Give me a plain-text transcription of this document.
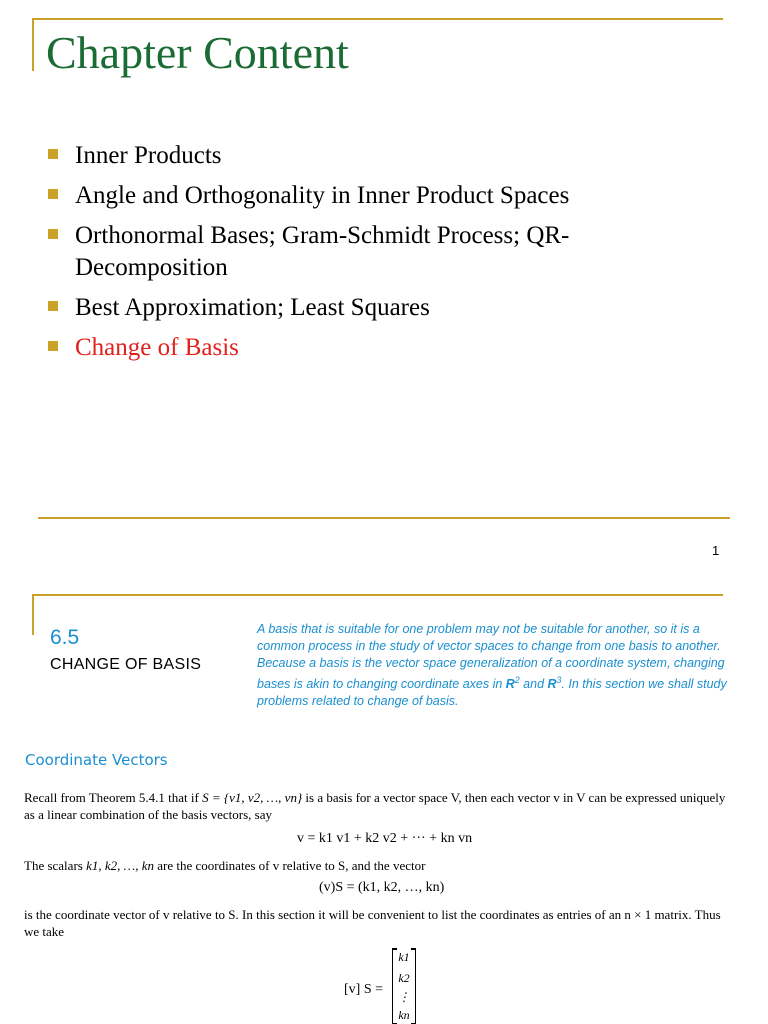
Chapter Content
Inner Products
Angle and Orthogonality in Inner Product Spaces
Orthonormal Bases; Gram-Schmidt Process; QR-Decomposition
Best Approximation; Least Squares
Change of Basis
1
6.5
CHANGE OF BASIS
A basis that is suitable for one problem may not be suitable for another, so it is a common process in the study of vector spaces to change from one basis to another. Because a basis is the vector space generalization of a coordinate system, changing bases is akin to changing coordinate axes in $R^2$ and $R^3$. In this section we shall study problems related to change of basis.
Coordinate Vectors
Recall from Theorem 5.4.1 that if S = {v1, v2, …, vn} is a basis for a vector space V, then each vector v in V can be expressed uniquely as a linear combination of the basis vectors, say
v = k1 v1 + k2 v2 + ··· + kn vn
The scalars k1, k2, …, kn are the coordinates of v relative to S, and the vector
(v)S = (k1, k2, …, kn)
is the coordinate vector of v relative to S. In this section it will be convenient to list the coordinates as entries of an n × 1 matrix. Thus we take
[v] S =
k1
k2
⋮
kn
